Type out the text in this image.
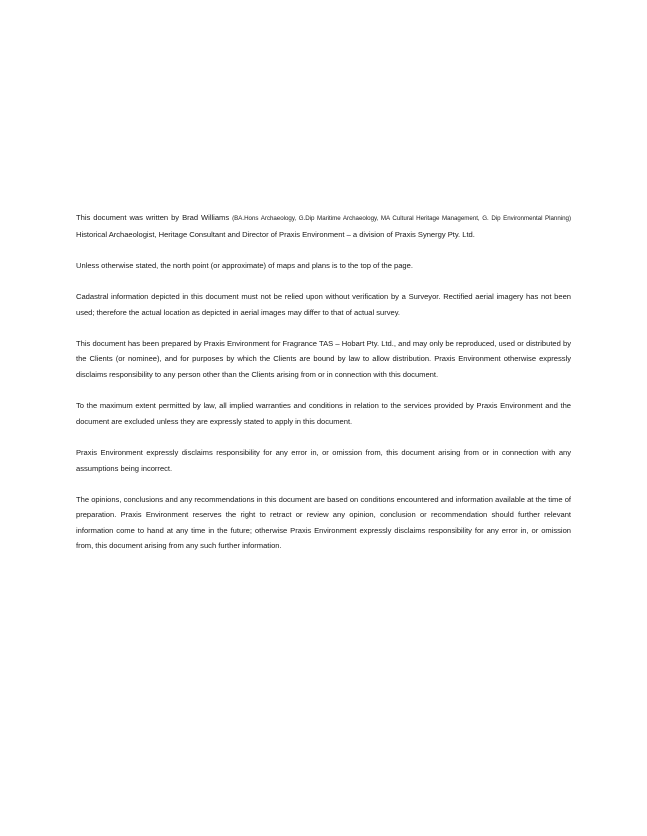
This document was written by Brad Williams (BA.Hons Archaeology, G.Dip Maritime Archaeology, MA Cultural Heritage Management, G. Dip Environmental Planning) Historical Archaeologist, Heritage Consultant and Director of Praxis Environment – a division of Praxis Synergy Pty. Ltd.

Unless otherwise stated, the north point (or approximate) of maps and plans is to the top of the page.

Cadastral information depicted in this document must not be relied upon without verification by a Surveyor. Rectified aerial imagery has not been used; therefore the actual location as depicted in aerial images may differ to that of actual survey.

This document has been prepared by Praxis Environment for Fragrance TAS – Hobart Pty. Ltd., and may only be reproduced, used or distributed by the Clients (or nominee), and for purposes by which the Clients are bound by law to allow distribution. Praxis Environment otherwise expressly disclaims responsibility to any person other than the Clients arising from or in connection with this document.

To the maximum extent permitted by law, all implied warranties and conditions in relation to the services provided by Praxis Environment and the document are excluded unless they are expressly stated to apply in this document.

Praxis Environment expressly disclaims responsibility for any error in, or omission from, this document arising from or in connection with any assumptions being incorrect.

The opinions, conclusions and any recommendations in this document are based on conditions encountered and information available at the time of preparation. Praxis Environment reserves the right to retract or review any opinion, conclusion or recommendation should further relevant information come to hand at any time in the future; otherwise Praxis Environment expressly disclaims responsibility for any error in, or omission from, this document arising from any such further information.
